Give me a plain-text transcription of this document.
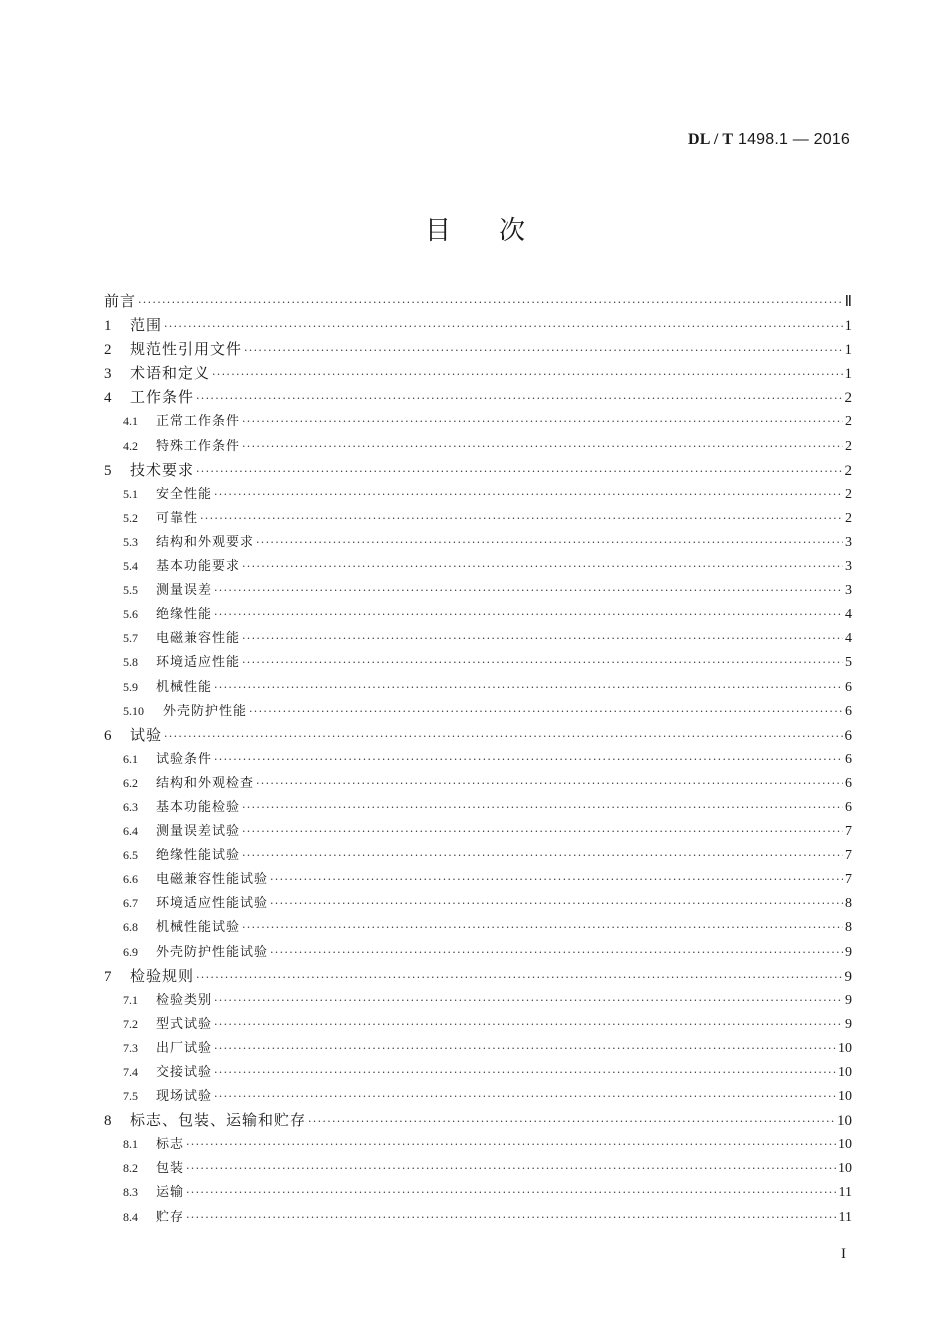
DL / T 1498.1 — 2016
目次
前言 ·····	Ⅱ
1	范围 ·····	1
2	规范性引用文件 ·····	1
3	术语和定义 ·····	1
4	工作条件 ·····	2
4.1	正常工作条件 ·····	2
4.2	特殊工作条件 ·····	2
5	技术要求 ·····	2
5.1	安全性能 ·····	2
5.2	可靠性 ·····	2
5.3	结构和外观要求 ·····	3
5.4	基本功能要求 ·····	3
5.5	测量误差 ·····	3
5.6	绝缘性能 ·····	4
5.7	电磁兼容性能 ·····	4
5.8	环境适应性能 ·····	5
5.9	机械性能 ·····	6
5.10	外壳防护性能 ·····	6
6	试验 ·····	6
6.1	试验条件 ·····	6
6.2	结构和外观检查 ·····	6
6.3	基本功能检验 ·····	6
6.4	测量误差试验 ·····	7
6.5	绝缘性能试验 ·····	7
6.6	电磁兼容性能试验 ·····	7
6.7	环境适应性能试验 ·····	8
6.8	机械性能试验 ·····	8
6.9	外壳防护性能试验 ·····	9
7	检验规则 ·····	9
7.1	检验类别 ·····	9
7.2	型式试验 ·····	9
7.3	出厂试验 ·····	10
7.4	交接试验 ·····	10
7.5	现场试验 ·····	10
8	标志、包装、运输和贮存 ·····	10
8.1	标志 ·····	10
8.2	包装 ·····	10
8.3	运输 ·····	11
8.4	贮存 ·····	11
I
